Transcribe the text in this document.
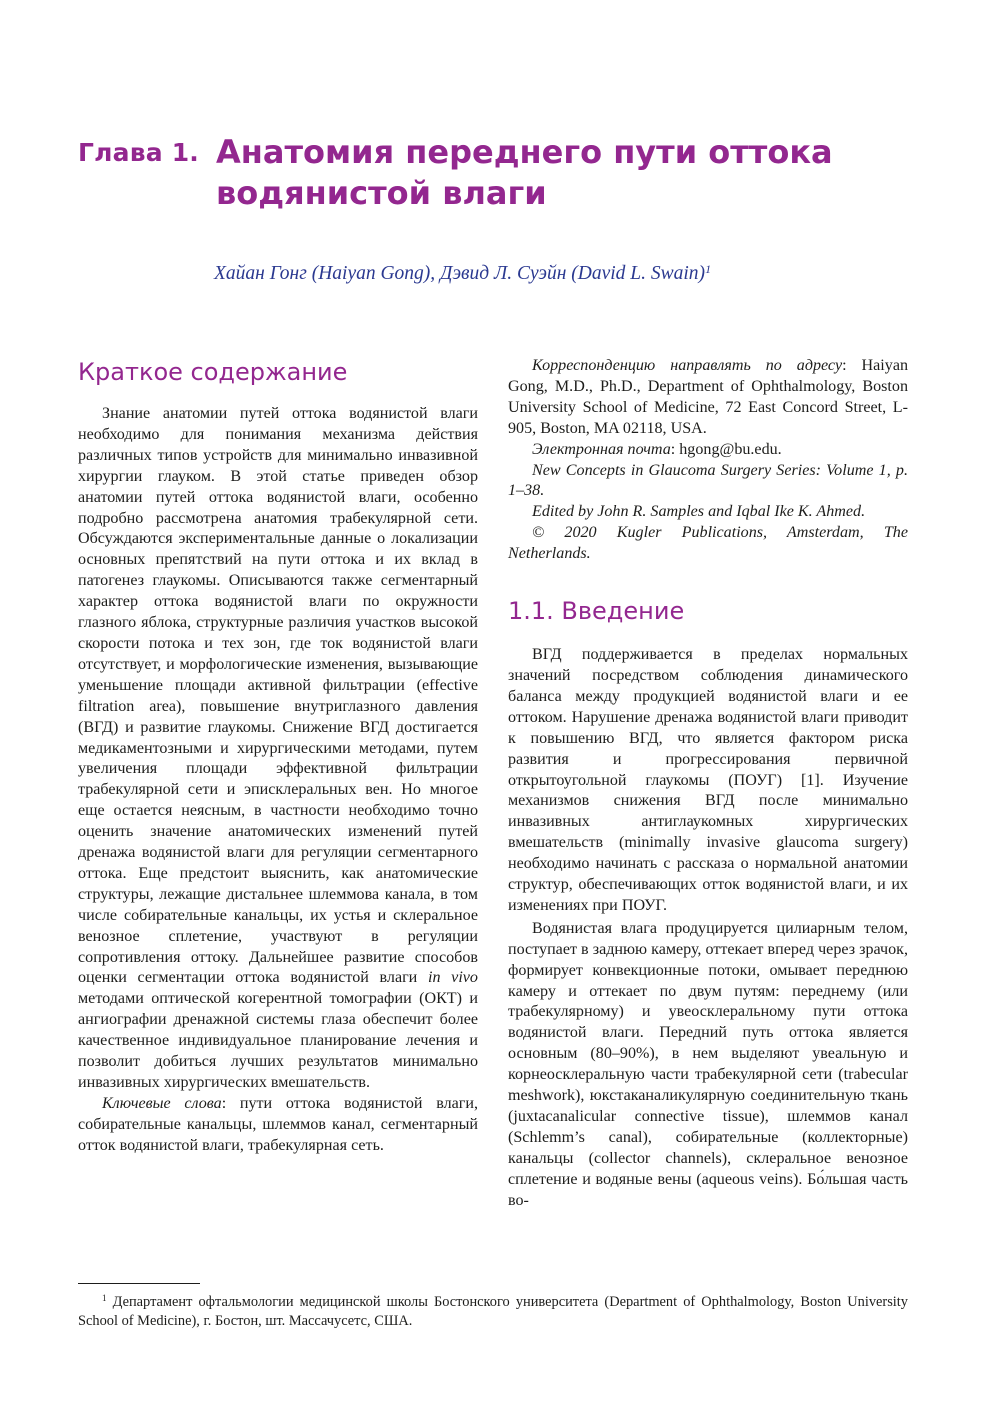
Глава 1. Анатомия переднего пути оттока
водянистой влаги
Хайан Гонг (Haiyan Gong), Дэвид Л. Суэйн (David L. Swain)$^1$
Краткое содержание

Знание анатомии путей оттока водянистой влаги необходимо для понимания механизма действия различных типов устройств для минимально инвазивной хирургии глауком. В этой статье приведен обзор анатомии путей оттока водянистой влаги, особенно подробно рассмотрена анатомия трабекулярной сети. Обсуждаются экспериментальные данные о локализации основных препятствий на пути оттока и их вклад в патогенез глаукомы. Описываются также сегментарный характер оттока водянистой влаги по окружности глазного яблока, структурные различия участков высокой скорости потока и тех зон, где ток водянистой влаги отсутствует, и морфологические изменения, вызывающие уменьшение площади активной фильтрации (effective filtration area), повышение внутриглазного давления (ВГД) и развитие глаукомы. Снижение ВГД достигается медикаментозными и хирургическими методами, путем увеличения площади эффективной фильтрации трабекулярной сети и эписклеральных вен. Но многое еще остается неясным, в частности необходимо точно оценить значение анатомических изменений путей дренажа водянистой влаги для регуляции сегментарного оттока. Еще предстоит выяснить, как анатомические структуры, лежащие дистальнее шлеммова канала, в том числе собирательные канальцы, их устья и склеральное венозное сплетение, участвуют в регуляции сопротивления оттоку. Дальнейшее развитие способов оценки сегментации оттока водянистой влаги in vivo методами оптической когерентной томографии (ОКТ) и ангиографии дренажной системы глаза обеспечит более качественное индивидуальное планирование лечения и позволит добиться лучших результатов минимально инвазивных хирургических вмешательств.

Ключевые слова: пути оттока водянистой влаги, собирательные канальцы, шлеммов канал, сегментарный отток водянистой влаги, трабекулярная сеть.

Корреспонденцию направлять по адресу: Haiyan Gong, M.D., Ph.D., Department of Ophthalmology, Boston University School of Medicine, 72 East Concord Street, L-905, Boston, MA 02118, USA.

Электронная почта: hgong@bu.edu.

New Concepts in Glaucoma Surgery Series: Volume 1, p. 1–38.

Edited by John R. Samples and Iqbal Ike K. Ahmed.

© 2020 Kugler Publications, Amsterdam, The Netherlands.

1.1. Введение

ВГД поддерживается в пределах нормальных значений посредством соблюдения динамического баланса между продукцией водянистой влаги и ее оттоком. Нарушение дренажа водянистой влаги приводит к повышению ВГД, что является фактором риска развития и прогрессирования первичной открытоугольной глаукомы (ПОУГ) [1]. Изучение механизмов снижения ВГД после минимально инвазивных антиглаукомных хирургических вмешательств (minimally invasive glaucoma surgery) необходимо начинать с рассказа о нормальной анатомии структур, обеспечивающих отток водянистой влаги, и их изменениях при ПОУГ.

Водянистая влага продуцируется цилиарным телом, поступает в заднюю камеру, оттекает вперед через зрачок, формирует конвекционные потоки, омывает переднюю камеру и оттекает по двум путям: переднему (или трабекулярному) и увеосклеральному пути оттока водянистой влаги. Передний путь оттока является основным (80–90%), в нем выделяют увеальную и корнеосклеральную части трабекулярной сети (trabecular meshwork), юкстаканаликулярную соединительную ткань (juxtacanalicular connective tissue), шлеммов канал (Schlemm’s canal), собирательные (коллекторные) канальцы (collector channels), склеральное венозное сплетение и водяные вены (aqueous veins). Бо́льшая часть во-

$^1$ Департамент офтальмологии медицинской школы Бостонского университета (Department of Ophthalmology, Boston University School of Medicine), г. Бостон, шт. Массачусетс, США.
